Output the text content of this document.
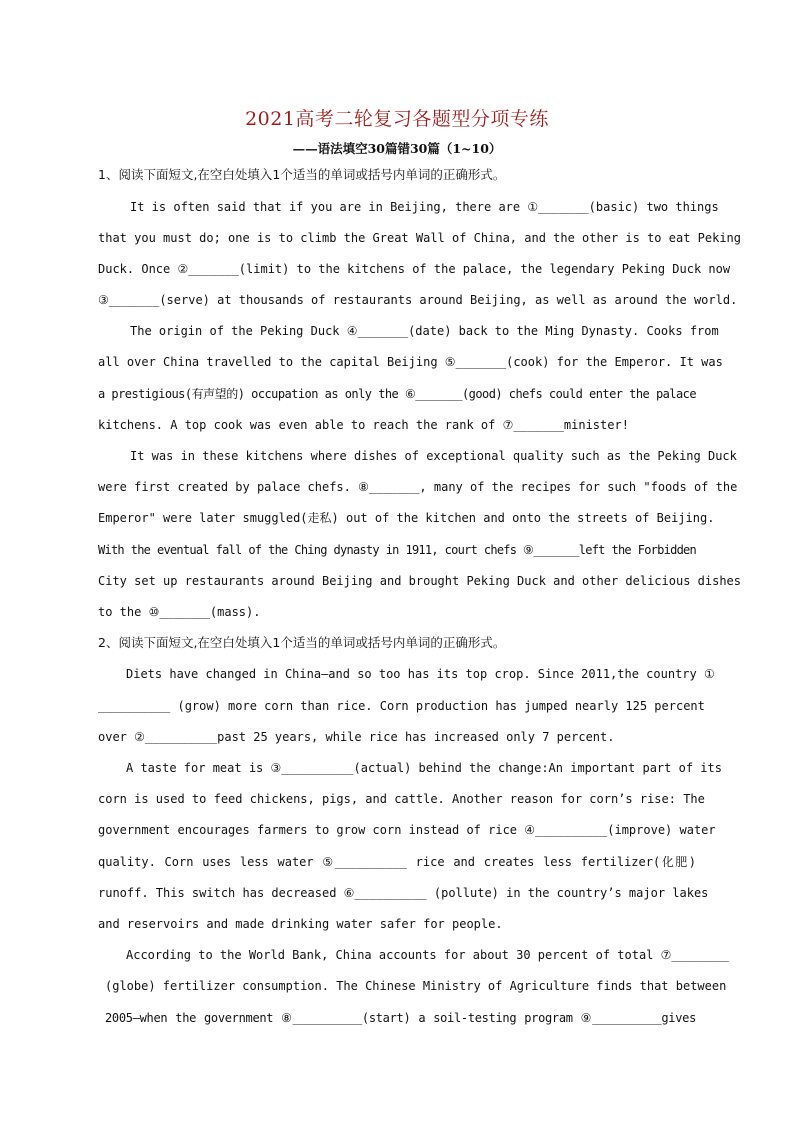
2021高考二轮复习各题型分项专练
——语法填空30篇错30篇（1~10）
1、阅读下面短文,在空白处填入1个适当的单词或括号内单词的正确形式。
It is often said that if you are in Beijing, there are ①_______(basic) two things
that you must do; one is to climb the Great Wall of China, and the other is to eat Peking
Duck. Once ②_______(limit) to the kitchens of the palace, the legendary Peking Duck now
③_______(serve) at thousands of restaurants around Beijing, as well as around the world.
The origin of the Peking Duck ④_______(date) back to the Ming Dynasty. Cooks from
all over China travelled to the capital Beijing ⑤_______(cook) for the Emperor. It was
a prestigious(有声望的) occupation as only the ⑥_______(good) chefs could enter the palace
kitchens. A top cook was even able to reach the rank of ⑦_______minister!
It was in these kitchens where dishes of exceptional quality such as the Peking Duck
were first created by palace chefs. ⑧_______, many of the recipes for such "foods of the
Emperor" were later smuggled(走私) out of the kitchen and onto the streets of Beijing.
With the eventual fall of the Ching dynasty in 1911, court chefs ⑨_______left the Forbidden
City set up restaurants around Beijing and brought Peking Duck and other delicious dishes
to the ⑩_______(mass).
2、阅读下面短文,在空白处填入1个适当的单词或括号内单词的正确形式。
Diets have changed in China—and so too has its top crop. Since 2011,the country ①
__________ (grow) more corn than rice. Corn production has jumped nearly 125 percent
over ②__________past 25 years, while rice has increased only 7 percent.
A taste for meat is ③__________(actual) behind the change:An important part of its
corn is used to feed chickens, pigs, and cattle. Another reason for corn’s rise: The
government encourages farmers to grow corn instead of rice ④__________(improve) water
quality. Corn uses less water ⑤__________ rice and creates less fertilizer(化肥)
runoff. This switch has decreased ⑥__________ (pollute) in the country’s major lakes
and reservoirs and made drinking water safer for people.
According to the World Bank, China accounts for about 30 percent of total ⑦________
(globe) fertilizer consumption. The Chinese Ministry of Agriculture finds that between
2005—when the government ⑧__________(start) a soil-testing program ⑨__________gives
